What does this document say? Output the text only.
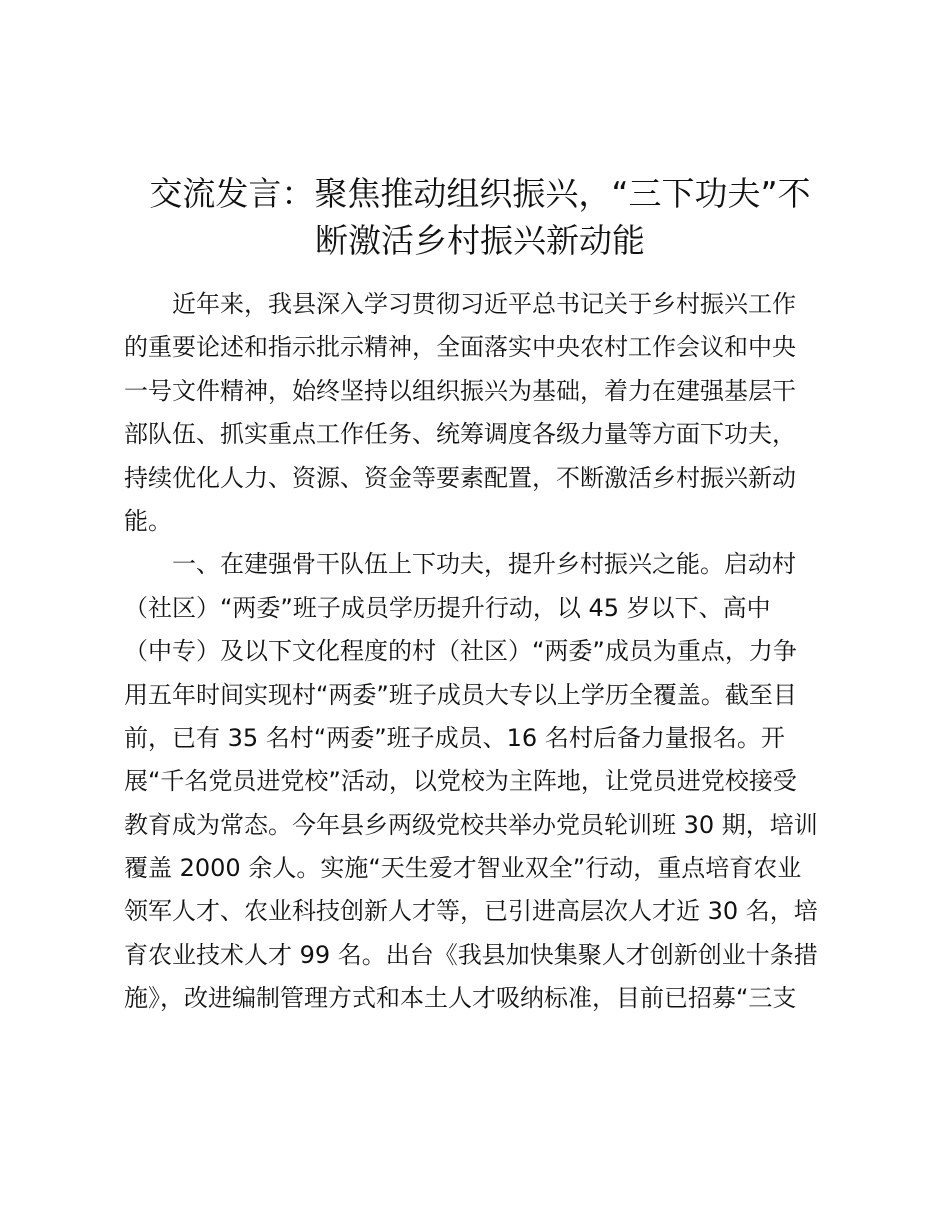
交流发言：聚焦推动组织振兴，“三下功夫”不
断激活乡村振兴新动能
近年来，我县深入学习贯彻习近平总书记关于乡村振兴工作
的重要论述和指示批示精神，全面落实中央农村工作会议和中央
一号文件精神，始终坚持以组织振兴为基础，着力在建强基层干
部队伍、抓实重点工作任务、统筹调度各级力量等方面下功夫，
持续优化人力、资源、资金等要素配置，不断激活乡村振兴新动
能。
一、在建强骨干队伍上下功夫，提升乡村振兴之能。启动村
（社区）“两委”班子成员学历提升行动，以 45 岁以下、高中
（中专）及以下文化程度的村（社区）“两委”成员为重点，力争
用五年时间实现村“两委”班子成员大专以上学历全覆盖。截至目
前，已有 35 名村“两委”班子成员、16 名村后备力量报名。开
展“千名党员进党校”活动，以党校为主阵地，让党员进党校接受
教育成为常态。今年县乡两级党校共举办党员轮训班 30 期，培训
覆盖 2000 余人。实施“天生爱才智业双全”行动，重点培育农业
领军人才、农业科技创新人才等，已引进高层次人才近 30 名，培
育农业技术人才 99 名。出台《我县加快集聚人才创新创业十条措
施》，改进编制管理方式和本土人才吸纳标准，目前已招募“三支
